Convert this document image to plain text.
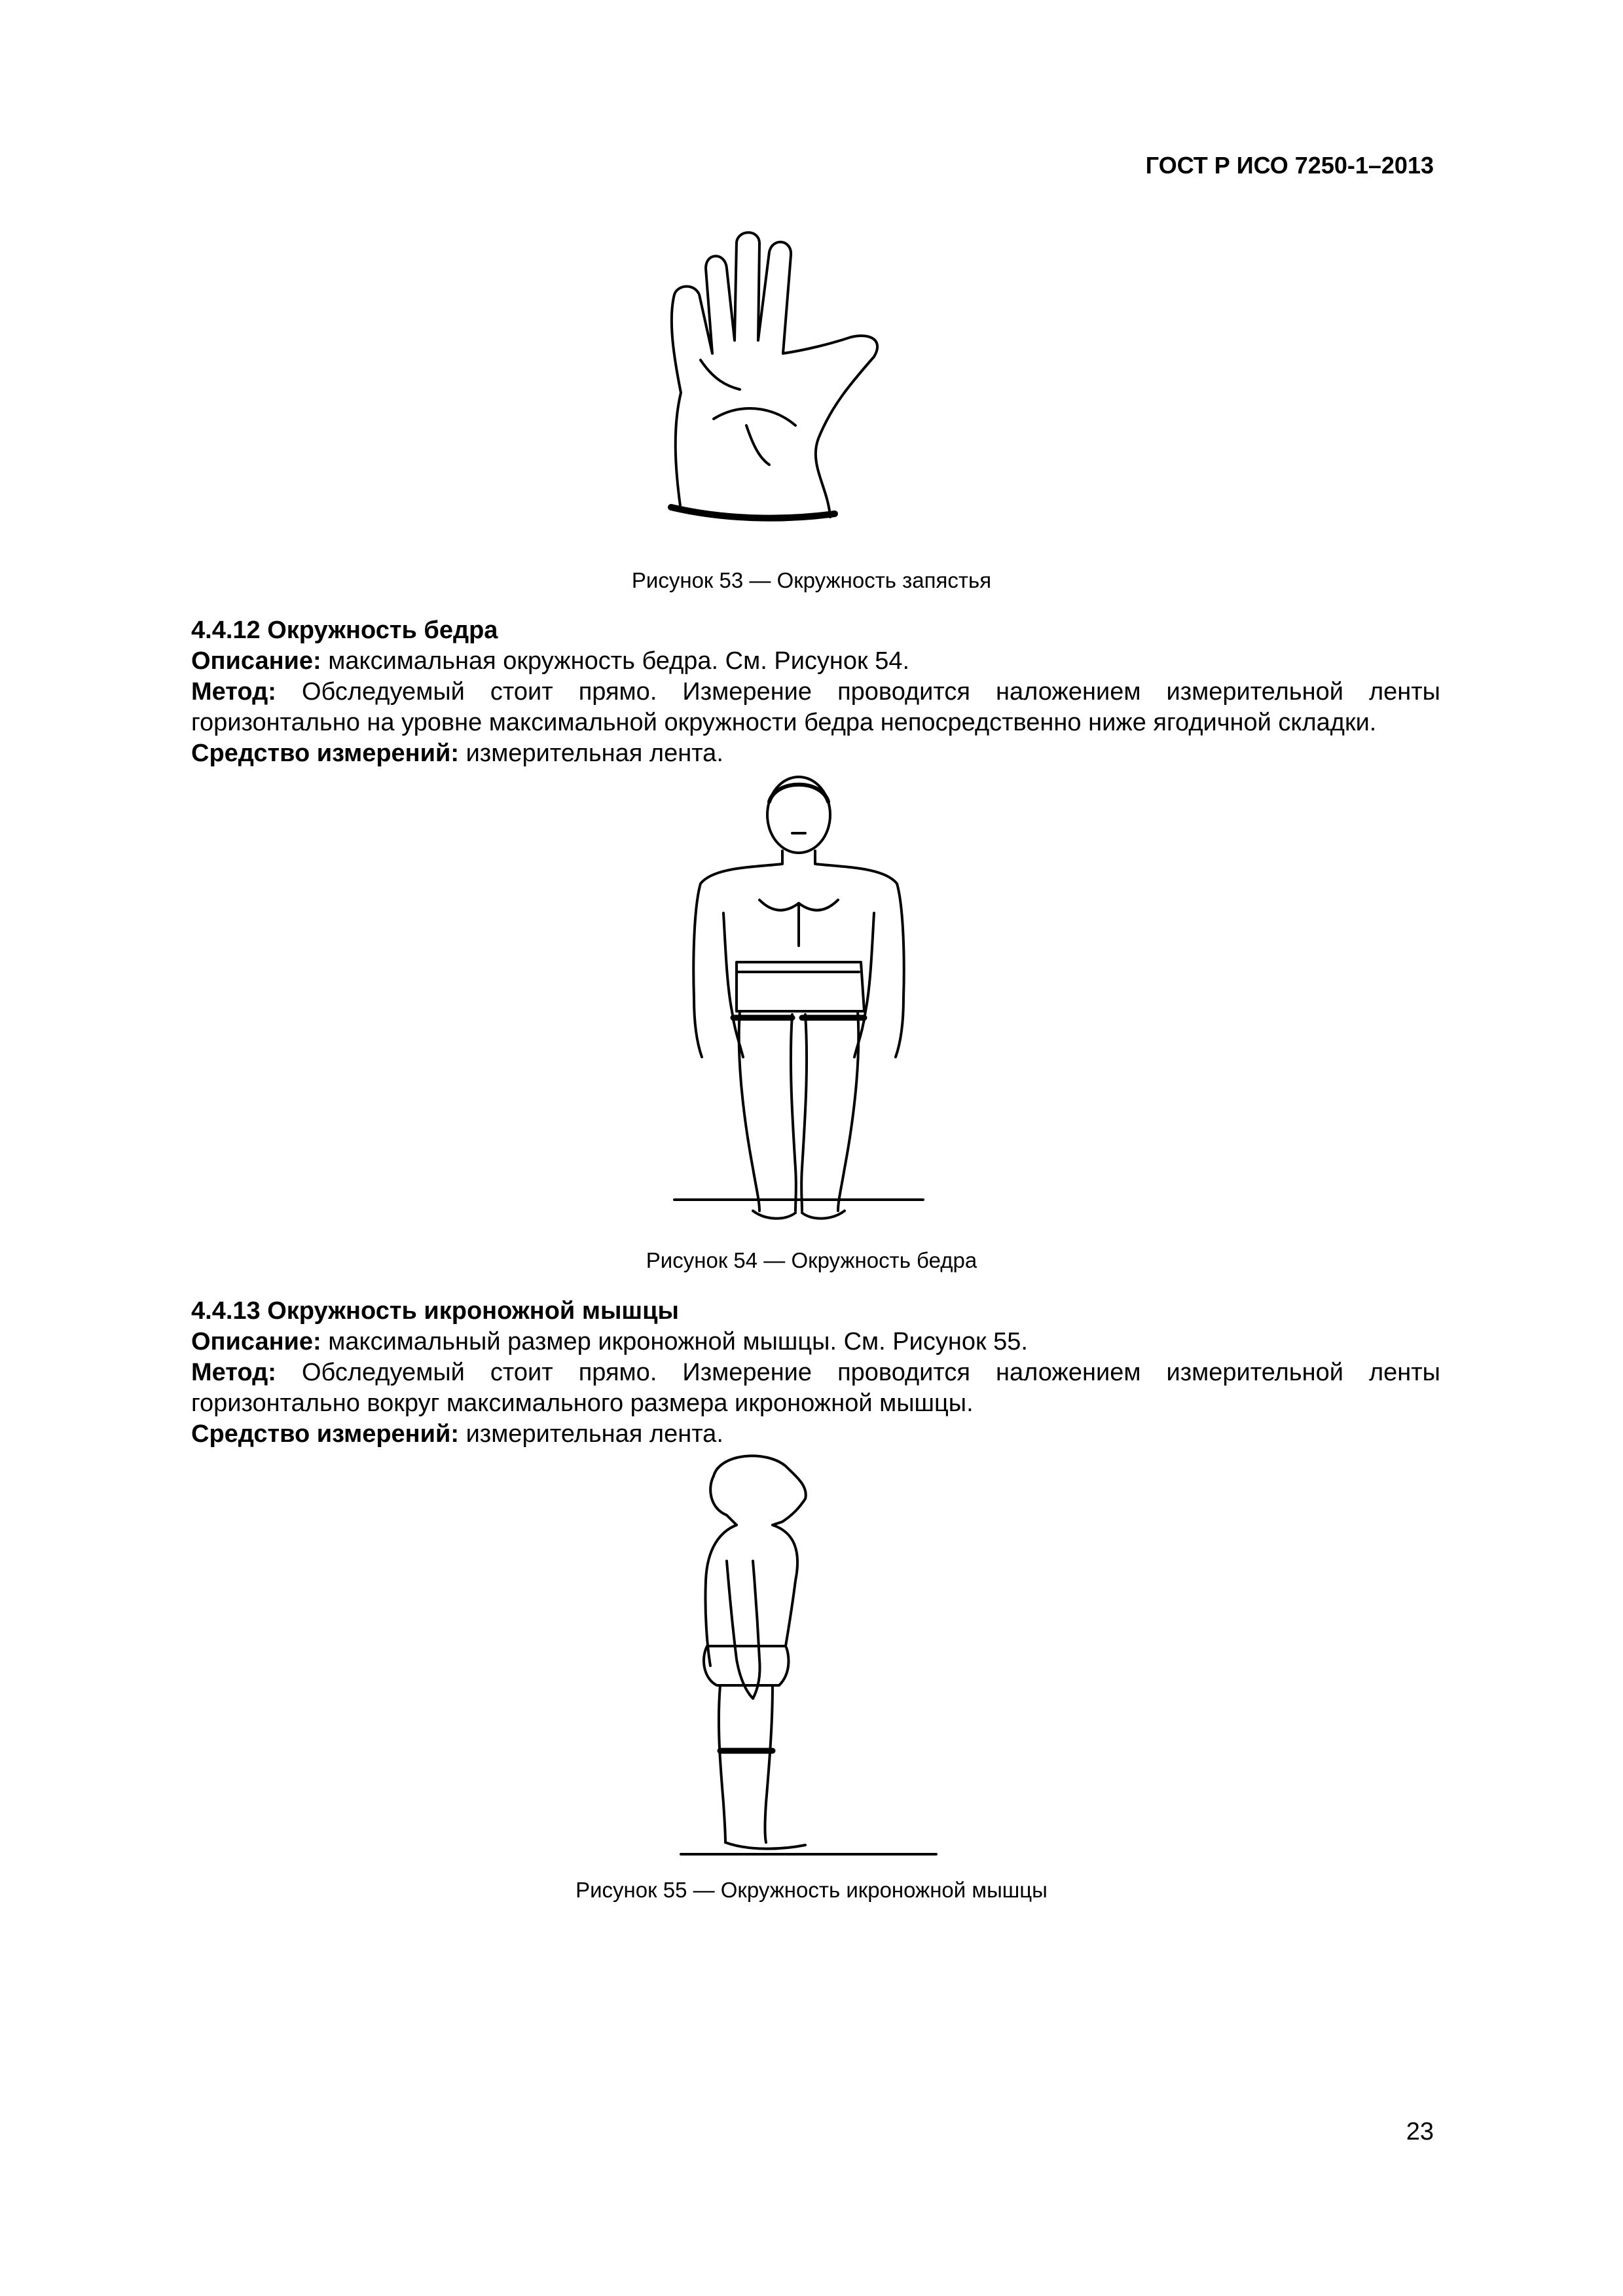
ГОСТ Р ИСО 7250-1–2013
Рисунок 53 — Окружность запястья
4.4.12 Окружность бедра
Описание: максимальная окружность бедра. См. Рисунок 54.
Метод: Обследуемый стоит прямо. Измерение проводится наложением измерительной ленты горизонтально на уровне максимальной окружности бедра непосредственно ниже ягодичной складки.
Средство измерений: измерительная лента.
Рисунок 54 — Окружность бедра
4.4.13 Окружность икроножной мышцы
Описание: максимальный размер икроножной мышцы. См. Рисунок 55.
Метод: Обследуемый стоит прямо. Измерение проводится наложением измерительной ленты горизонтально вокруг максимального размера икроножной мышцы.
Средство измерений: измерительная лента.
Рисунок 55 — Окружность икроножной мышцы
23
